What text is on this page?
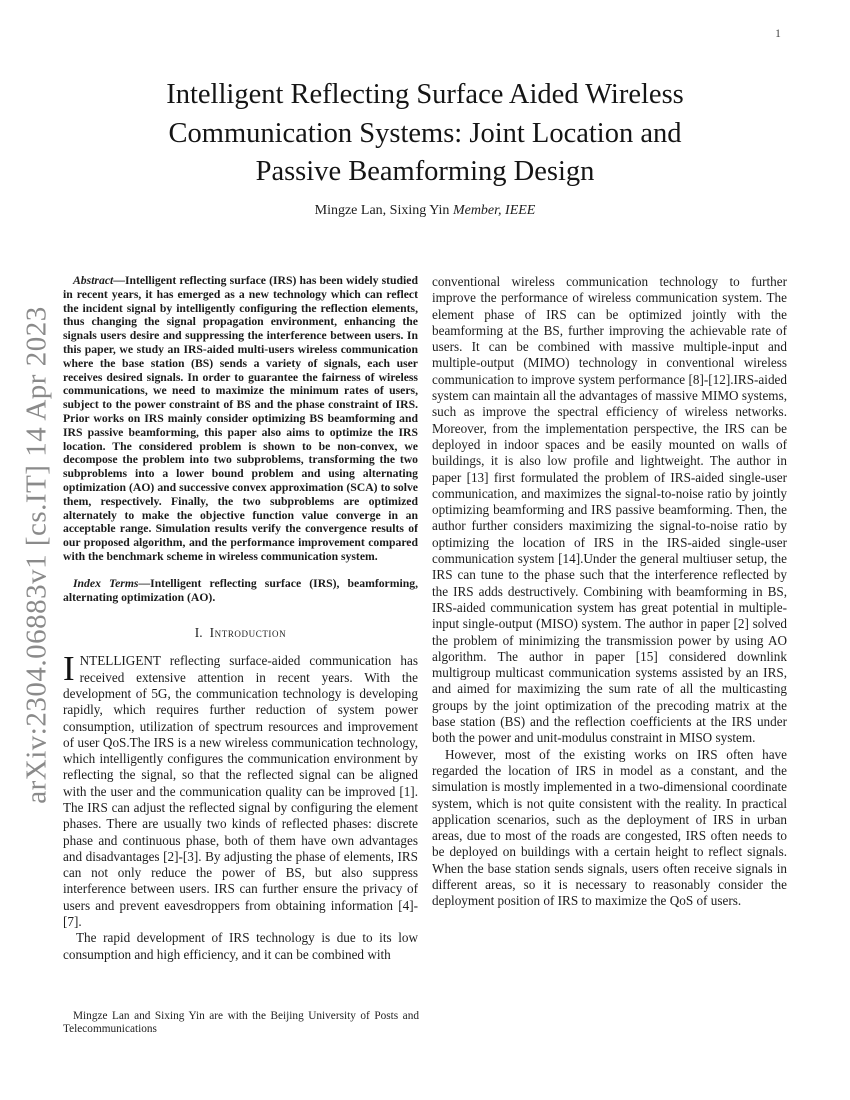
1
arXiv:2304.06883v1 [cs.IT] 14 Apr 2023
Intelligent Reflecting Surface Aided Wireless
Communication Systems: Joint Location and
Passive Beamforming Design
Mingze Lan, Sixing Yin Member, IEEE

Abstract—Intelligent reflecting surface (IRS) has been widely studied in recent years, it has emerged as a new technology which can reflect the incident signal by intelligently configuring the reflection elements, thus changing the signal propagation environment, enhancing the signals users desire and suppressing the interference between users. In this paper, we study an IRS-aided multi-users wireless communication where the base station (BS) sends a variety of signals, each user receives desired signals. In order to guarantee the fairness of wireless communications, we need to maximize the minimum rates of users, subject to the power constraint of BS and the phase constraint of IRS. Prior works on IRS mainly consider optimizing BS beamforming and IRS passive beamforming, this paper also aims to optimize the IRS location. The considered problem is shown to be non-convex, we decompose the problem into two subproblems, transforming the two subproblems into a lower bound problem and using alternating optimization (AO) and successive convex approximation (SCA) to solve them, respectively. Finally, the two subproblems are optimized alternately to make the objective function value converge in an acceptable range. Simulation results verify the convergence results of our proposed algorithm, and the performance improvement compared with the benchmark scheme in wireless communication system.

Index Terms—Intelligent reflecting surface (IRS), beamforming, alternating optimization (AO).

I. Introduction

INTELLIGENT reflecting surface-aided communication has received extensive attention in recent years. With the development of 5G, the communication technology is developing rapidly, which requires further reduction of system power consumption, utilization of spectrum resources and improvement of user QoS.The IRS is a new wireless communication technology, which intelligently configures the communication environment by reflecting the signal, so that the reflected signal can be aligned with the user and the communication quality can be improved [1]. The IRS can adjust the reflected signal by configuring the element phases. There are usually two kinds of reflected phases: discrete phase and continuous phase, both of them have own advantages and disadvantages [2]-[3]. By adjusting the phase of elements, IRS can not only reduce the power of BS, but also suppress interference between users. IRS can further ensure the privacy of users and prevent eavesdroppers from obtaining information [4]-[7].

The rapid development of IRS technology is due to its low consumption and high efficiency, and it can be combined with

conventional wireless communication technology to further improve the performance of wireless communication system. The element phase of IRS can be optimized jointly with the beamforming at the BS, further improving the achievable rate of users. It can be combined with massive multiple-input and multiple-output (MIMO) technology in conventional wireless communication to improve system performance [8]-[12].IRS-aided system can maintain all the advantages of massive MIMO systems, such as improve the spectral efficiency of wireless networks. Moreover, from the implementation perspective, the IRS can be deployed in indoor spaces and be easily mounted on walls of buildings, it is also low profile and lightweight. The author in paper [13] first formulated the problem of IRS-aided single-user communication, and maximizes the signal-to-noise ratio by jointly optimizing beamforming and IRS passive beamforming. Then, the author further considers maximizing the signal-to-noise ratio by optimizing the location of IRS in the IRS-aided single-user communication system [14].Under the general multiuser setup, the IRS can tune to the phase such that the interference reflected by the IRS adds destructively. Combining with beamforming in BS, IRS-aided communication system has great potential in multiple-input single-output (MISO) system. The author in paper [2] solved the problem of minimizing the transmission power by using AO algorithm. The author in paper [15] considered downlink multigroup multicast communication systems assisted by an IRS, and aimed for maximizing the sum rate of all the multicasting groups by the joint optimization of the precoding matrix at the base station (BS) and the reflection coefficients at the IRS under both the power and unit-modulus constraint in MISO system.

However, most of the existing works on IRS often have regarded the location of IRS in model as a constant, and the simulation is mostly implemented in a two-dimensional coordinate system, which is not quite consistent with the reality. In practical application scenarios, such as the deployment of IRS in urban areas, due to most of the roads are congested, IRS often needs to be deployed on buildings with a certain height to reflect signals. When the base station sends signals, users often receive signals in different areas, so it is necessary to reasonably consider the deployment position of IRS to maximize the QoS of users.

Mingze Lan and Sixing Yin are with the Beijing University of Posts and Telecommunications
